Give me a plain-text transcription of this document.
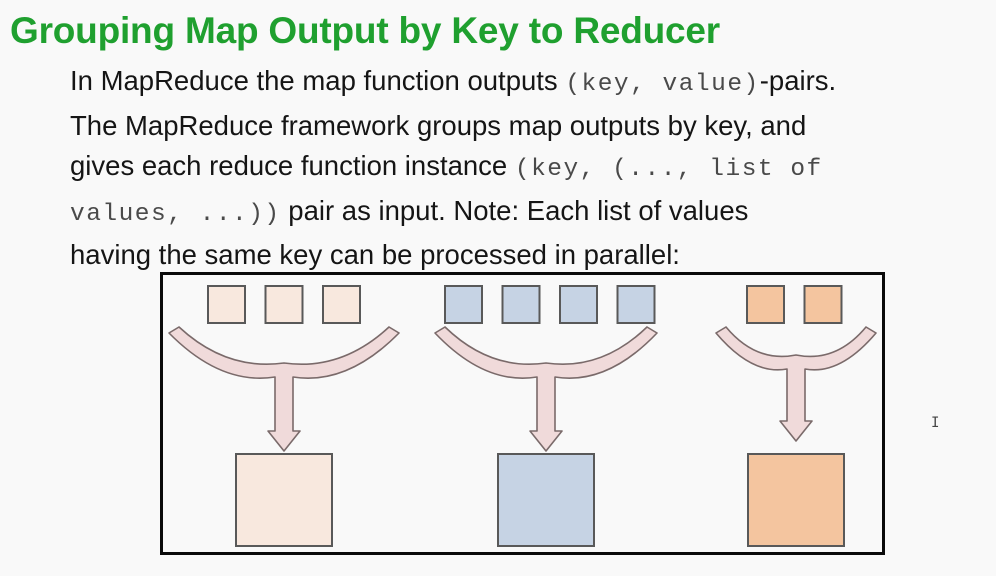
Grouping Map Output by Key to Reducer
In MapReduce the map function outputs (key, value)-pairs.
The MapReduce framework groups map outputs by key, and
gives each reduce function instance (key, (..., list of
values, ...)) pair as input. Note: Each list of values
having the same key can be processed in parallel:
I
